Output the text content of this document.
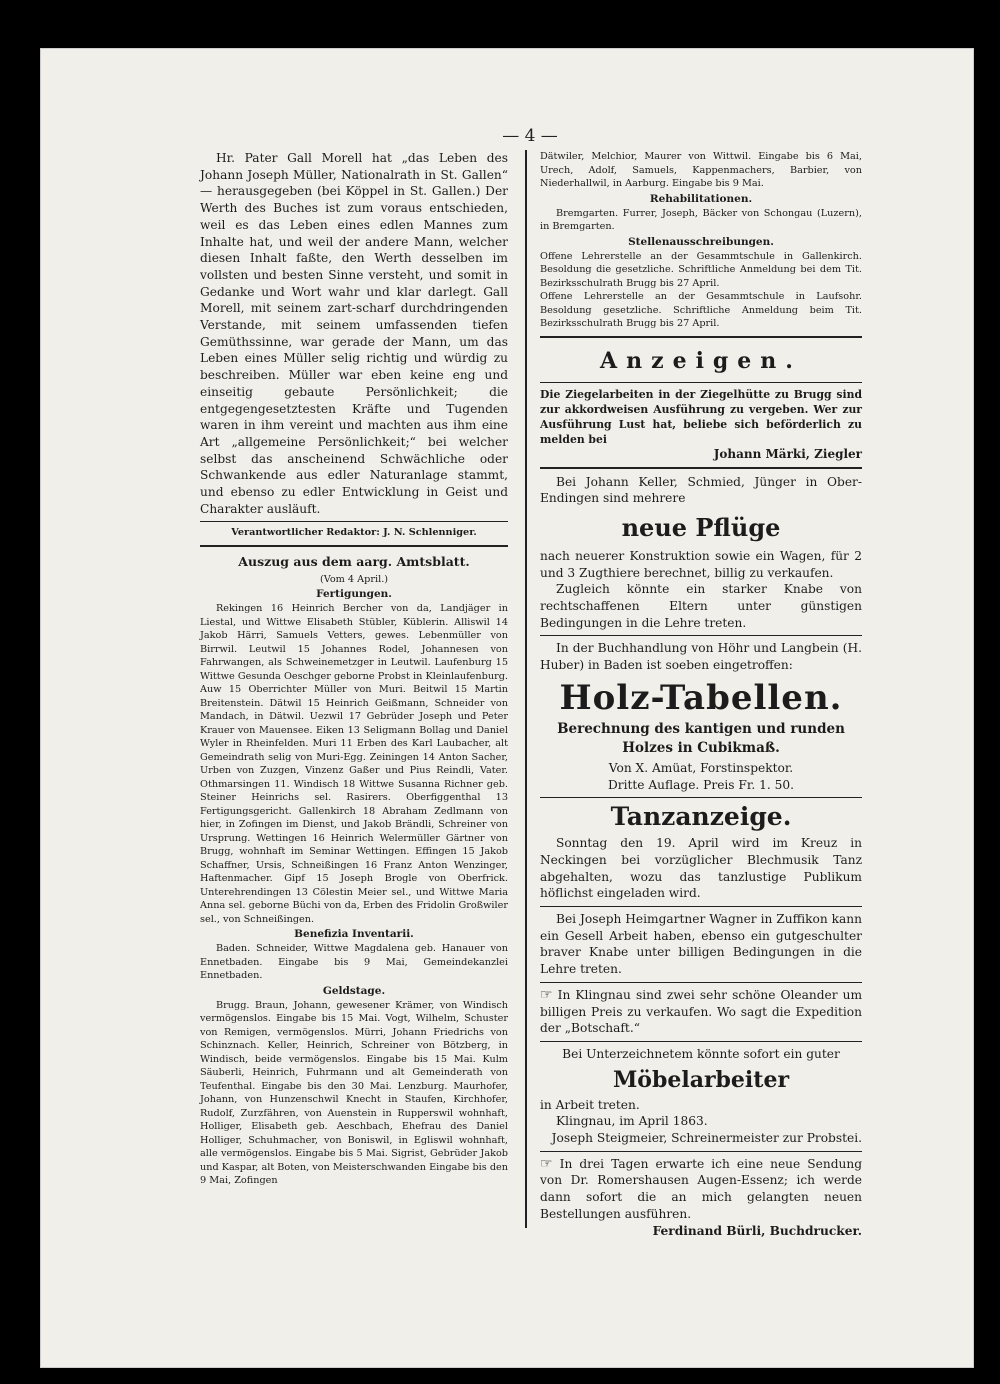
— 4 —

Hr. Pater Gall Morell hat „das Leben des Johann Joseph Müller, Nationalrath in St. Gallen“ — herausgegeben (bei Köppel in St. Gallen.) Der Werth des Buches ist zum voraus entschieden, weil es das Leben eines edlen Mannes zum Inhalte hat, und weil der andere Mann, welcher diesen Inhalt faßte, den Werth desselben im vollsten und besten Sinne versteht, und somit in Gedanke und Wort wahr und klar darlegt. Gall Morell, mit seinem zart-scharf durchdringenden Verstande, mit seinem umfassenden tiefen Gemüthssinne, war gerade der Mann, um das Leben eines Müller selig richtig und würdig zu beschreiben. Müller war eben keine eng und einseitig gebaute Persönlichkeit; die entgegengesetztesten Kräfte und Tugenden waren in ihm vereint und machten aus ihm eine Art „allgemeine Persönlichkeit;“ bei welcher selbst das anscheinend Schwächliche oder Schwankende aus edler Naturanlage stammt, und ebenso zu edler Entwicklung in Geist und Charakter ausläuft.

Verantwortlicher Redaktor: J. N. Schlenniger.

Auszug aus dem aarg. Amtsblatt.

(Vom 4 April.)

Fertigungen.

Rekingen 16 Heinrich Bercher von da, Landjäger in Liestal, und Wittwe Elisabeth Stübler, Küblerin. Alliswil 14 Jakob Härri, Samuels Vetters, gewes. Lebenmüller von Birrwil. Leutwil 15 Johannes Rodel, Johannesen von Fahrwangen, als Schweinemetzger in Leutwil. Laufenburg 15 Wittwe Gesunda Oeschger geborne Probst in Kleinlaufenburg. Auw 15 Oberrichter Müller von Muri. Beitwil 15 Martin Breitenstein. Dätwil 15 Heinrich Geißmann, Schneider von Mandach, in Dätwil. Uezwil 17 Gebrüder Joseph und Peter Krauer von Mauensee. Eiken 13 Seligmann Bollag und Daniel Wyler in Rheinfelden. Muri 11 Erben des Karl Laubacher, alt Gemeindrath selig von Muri-Egg. Zeiningen 14 Anton Sacher, Urben von Zuzgen, Vinzenz Gaßer und Pius Reindli, Vater. Othmarsingen 11. Windisch 18 Wittwe Susanna Richner geb. Steiner Heinrichs sel. Rasirers. Oberfiggenthal 13 Fertigungsgericht. Gallenkirch 18 Abraham Zedlmann von hier, in Zofingen im Dienst, und Jakob Brändli, Schreiner von Ursprung. Wettingen 16 Heinrich Welermüller Gärtner von Brugg, wohnhaft im Seminar Wettingen. Effingen 15 Jakob Schaffner, Ursis, Schneißingen 16 Franz Anton Wenzinger, Haftenmacher. Gipf 15 Joseph Brogle von Oberfrick. Unterehrendingen 13 Cölestin Meier sel., und Wittwe Maria Anna sel. geborne Büchi von da, Erben des Fridolin Großwiler sel., von Schneißingen.

Benefizia Inventarii.

Baden. Schneider, Wittwe Magdalena geb. Hanauer von Ennetbaden. Eingabe bis 9 Mai, Gemeindekanzlei Ennetbaden.

Geldstage.

Brugg. Braun, Johann, gewesener Krämer, von Windisch vermögenslos. Eingabe bis 15 Mai. Vogt, Wilhelm, Schuster von Remigen, vermögenslos. Mürri, Johann Friedrichs von Schinznach. Keller, Heinrich, Schreiner von Bötzberg, in Windisch, beide vermögenslos. Eingabe bis 15 Mai. Kulm Säuberli, Heinrich, Fuhrmann und alt Gemeinderath von Teufenthal. Eingabe bis den 30 Mai. Lenzburg. Maurhofer, Johann, von Hunzenschwil Knecht in Staufen, Kirchhofer, Rudolf, Zurzfähren, von Auenstein in Rupperswil wohnhaft, Holliger, Elisabeth geb. Aeschbach, Ehefrau des Daniel Holliger, Schuhmacher, von Boniswil, in Egliswil wohnhaft, alle vermögenslos. Eingabe bis 5 Mai. Sigrist, Gebrüder Jakob und Kaspar, alt Boten, von Meisterschwanden Eingabe bis den 9 Mai, Zofingen

Dätwiler, Melchior, Maurer von Wittwil. Eingabe bis 6 Mai, Urech, Adolf, Samuels, Kappenmachers, Barbier, von Niederhallwil, in Aarburg. Eingabe bis 9 Mai.

Rehabilitationen.

Bremgarten. Furrer, Joseph, Bäcker von Schongau (Luzern), in Bremgarten.

Stellenausschreibungen.

Offene Lehrerstelle an der Gesammtschule in Gallenkirch. Besoldung die gesetzliche. Schriftliche Anmeldung bei dem Tit. Bezirksschulrath Brugg bis 27 April.

Offene Lehrerstelle an der Gesammtschule in Laufsohr. Besoldung gesetzliche. Schriftliche Anmeldung beim Tit. Bezirksschulrath Brugg bis 27 April.

Anzeigen.

Die Ziegelarbeiten in der Ziegelhütte zu Brugg sind zur akkordweisen Ausführung zu vergeben. Wer zur Ausführung Lust hat, beliebe sich beförderlich zu melden bei

Johann Märki, Ziegler

Bei Johann Keller, Schmied, Jünger in Ober-Endingen sind mehrere

neue Pflüge

nach neuerer Konstruktion sowie ein Wagen, für 2 und 3 Zugthiere berechnet, billig zu verkaufen.

Zugleich könnte ein starker Knabe von rechtschaffenen Eltern unter günstigen Bedingungen in die Lehre treten.

In der Buchhandlung von Höhr und Langbein (H. Huber) in Baden ist soeben eingetroffen:

Holz-Tabellen.

Berechnung des kantigen und runden Holzes in Cubikmaß.

Von X. Amüat, Forstinspektor.

Dritte Auflage. Preis Fr. 1. 50.

Tanzanzeige.

Sonntag den 19. April wird im Kreuz in Neckingen bei vorzüglicher Blechmusik Tanz abgehalten, wozu das tanzlustige Publikum höflichst eingeladen wird.

Bei Joseph Heimgartner Wagner in Zuffikon kann ein Gesell Arbeit haben, ebenso ein gutgeschulter braver Knabe unter billigen Bedingungen in die Lehre treten.

☞ In Klingnau sind zwei sehr schöne Oleander um billigen Preis zu verkaufen. Wo sagt die Expedition der „Botschaft.“

Bei Unterzeichnetem könnte sofort ein guter

Möbelarbeiter

in Arbeit treten.

Klingnau, im April 1863.

Joseph Steigmeier, Schreinermeister zur Probstei.

☞ In drei Tagen erwarte ich eine neue Sendung von Dr. Romershausen Augen-Essenz; ich werde dann sofort die an mich gelangten neuen Bestellungen ausführen.

Ferdinand Bürli, Buchdrucker.
